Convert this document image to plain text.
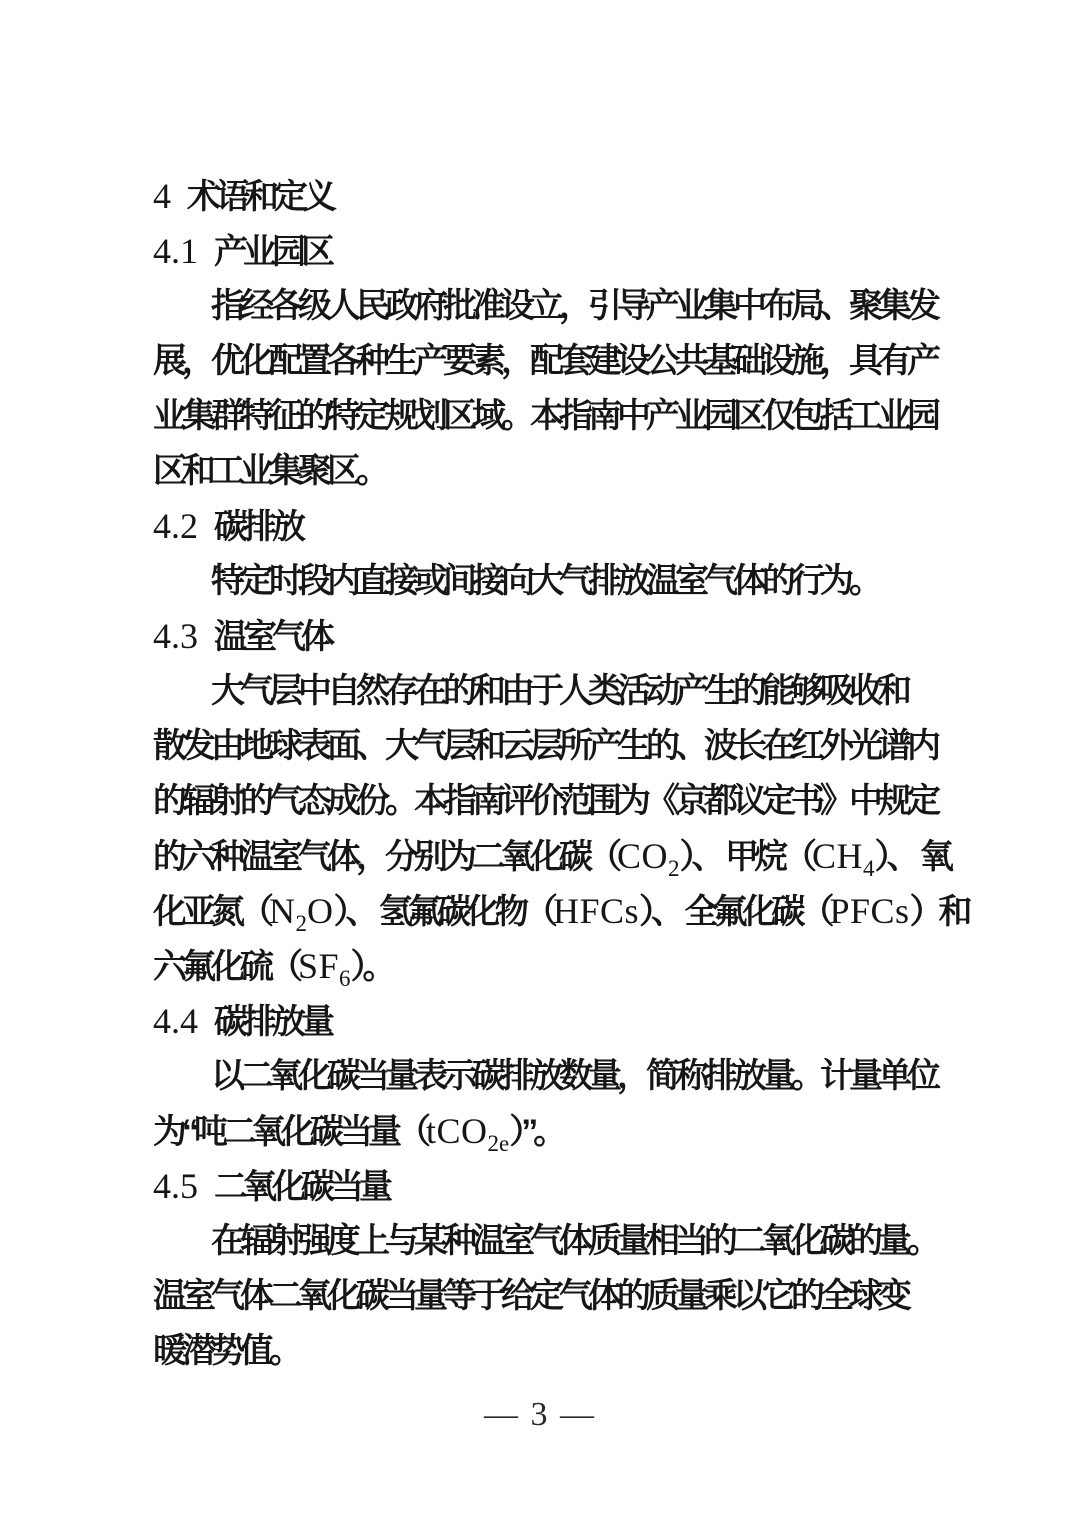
4 术语和定义
4.1 产业园区
指经各级人民政府批准设立，引导产业集中布局、聚集发
展，优化配置各种生产要素，配套建设公共基础设施，具有产
业集群特征的特定规划区域。本指南中产业园区仅包括工业园
区和工业集聚区。
4.2 碳排放
特定时段内直接或间接向大气排放温室气体的行为。
4.3 温室气体
大气层中自然存在的和由于人类活动产生的能够吸收和
散发由地球表面、大气层和云层所产生的、波长在红外光谱内
的辐射的气态成份。本指南评价范围为《京都议定书》中规定
的六种温室气体，分别为二氧化碳$(CO_2)$、 甲烷$(CH_4)$、 氧
化亚氮$(N_2O)$、 氢氟碳化物（HFCs）、 全氟化碳（PFCs）和
六氟化硫$(SF_6)$。
4.4 碳排放量
以二氧化碳当量表示碳排放数量，简称排放量。计量单位
为“吨二氧化碳当量（tCO$_{2e}$）”。
4.5 二氧化碳当量
在辐射强度上与某种温室气体质量相当的二氧化碳的量。
温室气体二氧化碳当量等于给定气体的质量乘以它的全球变
暖潜势值。
— 3 —
